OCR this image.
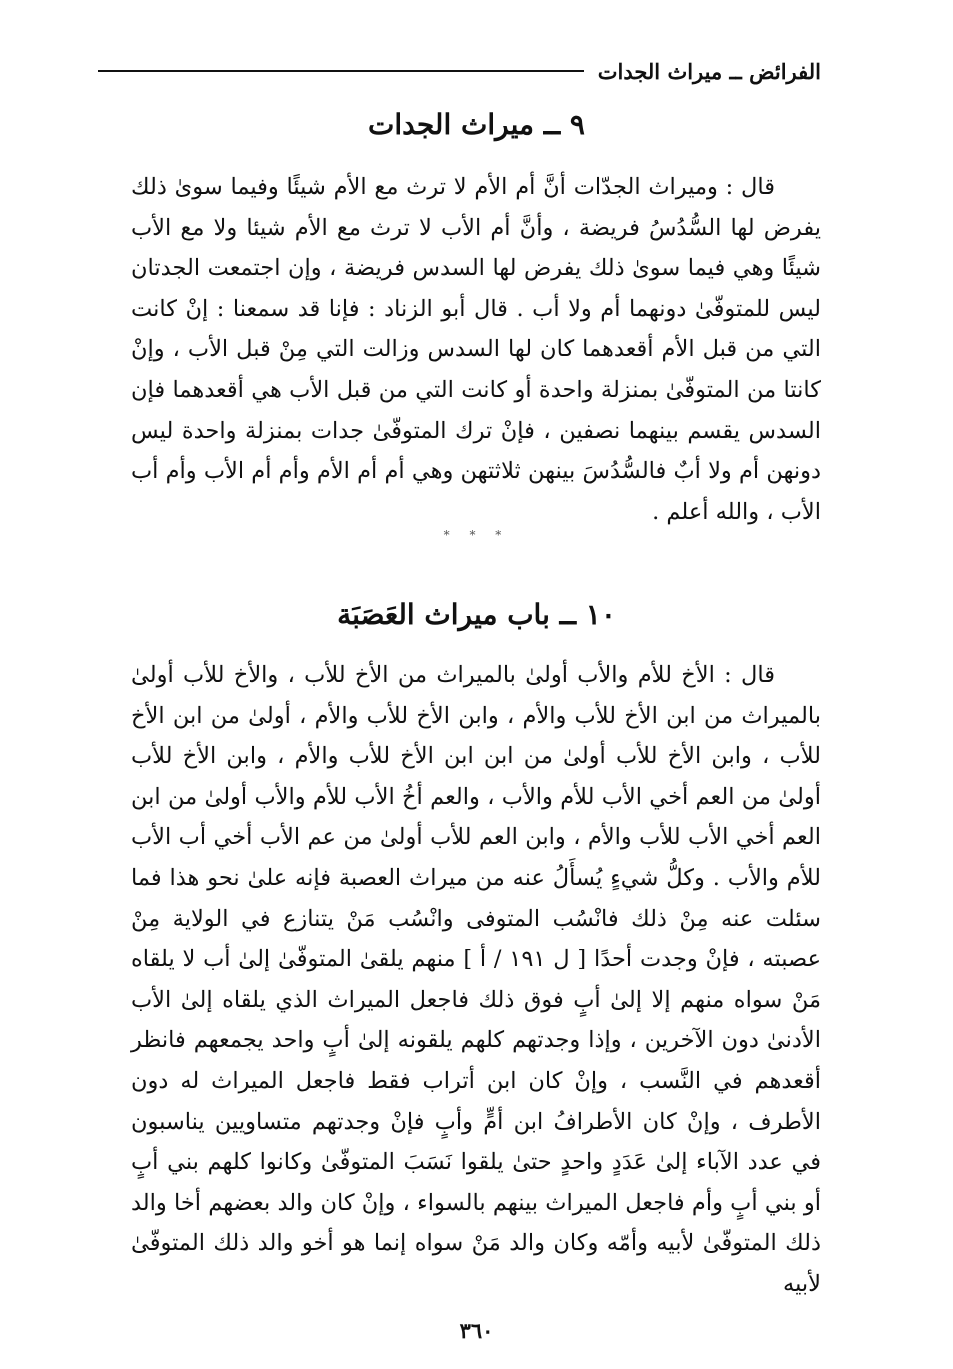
الفرائض ــ ميراث الجدات
٩ ــ ميراث الجدات

قال : وميراث الجدّات أنَّ أم الأم لا ترث مع الأم شيئًا وفيما سوىٰ ذلك يفرض لها السُّدُسُ فريضة ، وأنَّ أم الأب لا ترث مع الأم شيئا ولا مع الأب شيئًا وهي فيما سوىٰ ذلك يفرض لها السدس فريضة ، وإن اجتمعت الجدتان ليس للمتوفّىٰ دونهما أم ولا أب . قال أبو الزناد : فإنا قد سمعنا : إنْ كانت التي من قبل الأم أقعدهما كان لها السدس وزالت التي مِنْ قبل الأب ، وإنْ كانتا من المتوفّىٰ بمنزلة واحدة أو كانت التي من قبل الأب هي أقعدهما فإن السدس يقسم بينهما نصفين ، فإنْ ترك المتوفّىٰ جدات بمنزلة واحدة ليس دونهن أم ولا أبٌ فالسُّدُسَ بينهن ثلاثتهن وهي أم أم الأم وأم أم الأب وأم أب الأب ، والله أعلم .

* * *
١٠ ــ باب ميراث العَصَبَة

قال : الأخ للأم والأب أولىٰ بالميراث من الأخ للأب ، والأخ للأب أولىٰ بالميراث من ابن الأخ للأب والأم ، وابن الأخ للأب والأم ، أولىٰ من ابن الأخ للأب ، وابن الأخ للأب أولىٰ من ابن ابن الأخ للأب والأم ، وابن الأخ للأب أولىٰ من العم أخي الأب للأم والأب ، والعم أخُ الأب للأم والأب أولىٰ من ابن العم أخي الأب للأب والأم ، وابن العم للأب أولىٰ من عم الأب أخي أب الأب للأم والأب . وكلُّ شيءٍ يُسأَلُ عنه من ميراث العصبة فإنه علىٰ نحو هذا فما سئلت عنه مِنْ ذلك فانْسُب المتوفى وانْسُب مَنْ يتنازع في الولاية مِنْ عصبته ، فإنْ وجدت أحدًا [ ل ١٩١ / أ ] منهم يلقىٰ المتوفّىٰ إلىٰ أب لا يلقاه مَنْ سواه منهم إلا إلىٰ أبٍ فوق ذلك فاجعل الميراث الذي يلقاه إلىٰ الأب الأدنىٰ دون الآخرين ، وإذا وجدتهم كلهم يلقونه إلىٰ أبٍ واحد يجمعهم فانظر أقعدهم في النَّسب ، وإنْ كان ابن أتراب فقط فاجعل الميراث له دون الأطرف ، وإنْ كان الأطرافُ ابن أمٍّ وأبٍ فإنْ وجدتهم متساويين يناسبون في عدد الآباء إلىٰ عَدَدٍ واحدٍ حتىٰ يلقوا نَسَبَ المتوفّىٰ وكانوا كلهم بني أبٍ أو بني أبٍ وأم فاجعل الميراث بينهم بالسواء ، وإنْ كان والد بعضهم أخا والد ذلك المتوفّىٰ لأبيه وأمّه وكان والد مَنْ سواه إنما هو أخو والد ذلك المتوفّىٰ لأبيه

٣٦٠
